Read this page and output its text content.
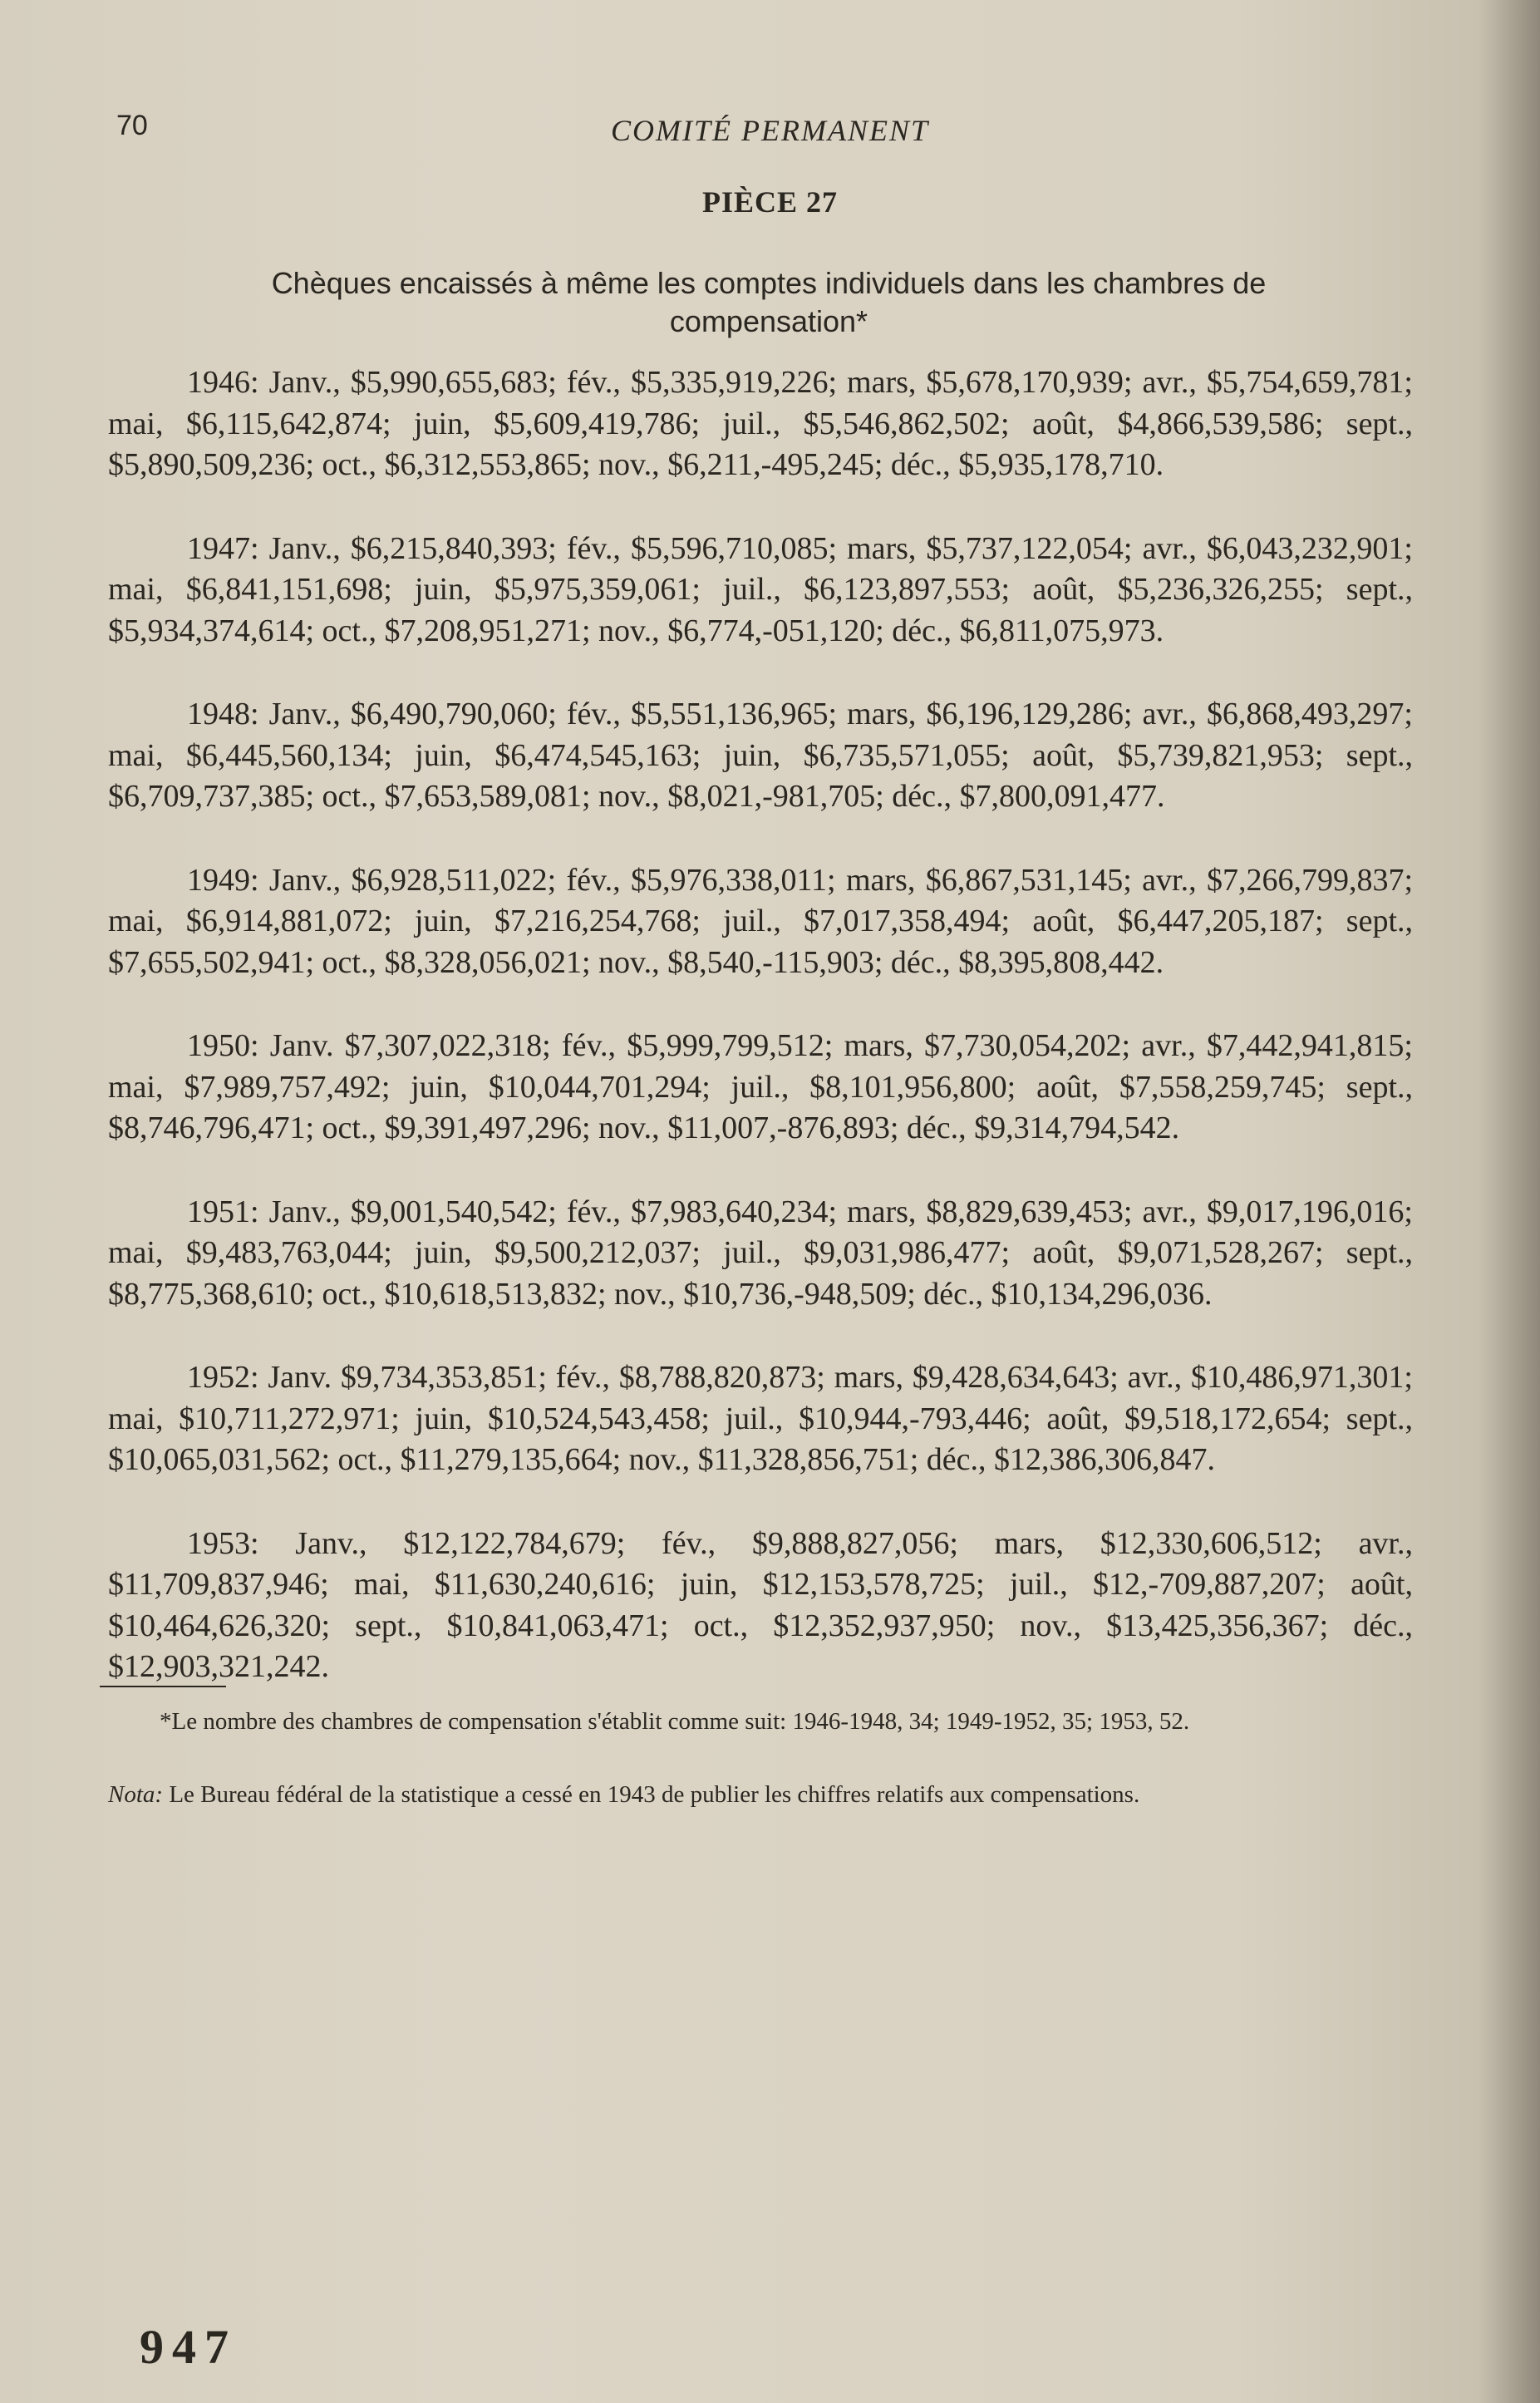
70	COMITÉ PERMANENT
PIÈCE 27
Chèques encaissés à même les comptes individuels dans les chambres de compensation*

1946: Janv., $5,990,655,683; fév., $5,335,919,226; mars, $5,678,170,939; avr., $5,754,659,781; mai, $6,115,642,874; juin, $5,609,419,786; juil., $5,546,862,502; août, $4,866,539,586; sept., $5,890,509,236; oct., $6,312,553,865; nov., $6,211,-495,245; déc., $5,935,178,710.

1947: Janv., $6,215,840,393; fév., $5,596,710,085; mars, $5,737,122,054; avr., $6,043,232,901; mai, $6,841,151,698; juin, $5,975,359,061; juil., $6,123,897,553; août, $5,236,326,255; sept., $5,934,374,614; oct., $7,208,951,271; nov., $6,774,-051,120; déc., $6,811,075,973.

1948: Janv., $6,490,790,060; fév., $5,551,136,965; mars, $6,196,129,286; avr., $6,868,493,297; mai, $6,445,560,134; juin, $6,474,545,163; juin, $6,735,571,055; août, $5,739,821,953; sept., $6,709,737,385; oct., $7,653,589,081; nov., $8,021,-981,705; déc., $7,800,091,477.

1949: Janv., $6,928,511,022; fév., $5,976,338,011; mars, $6,867,531,145; avr., $7,266,799,837; mai, $6,914,881,072; juin, $7,216,254,768; juil., $7,017,358,494; août, $6,447,205,187; sept., $7,655,502,941; oct., $8,328,056,021; nov., $8,540,-115,903; déc., $8,395,808,442.

1950: Janv. $7,307,022,318; fév., $5,999,799,512; mars, $7,730,054,202; avr., $7,442,941,815; mai, $7,989,757,492; juin, $10,044,701,294; juil., $8,101,956,800; août, $7,558,259,745; sept., $8,746,796,471; oct., $9,391,497,296; nov., $11,007,-876,893; déc., $9,314,794,542.

1951: Janv., $9,001,540,542; fév., $7,983,640,234; mars, $8,829,639,453; avr., $9,017,196,016; mai, $9,483,763,044; juin, $9,500,212,037; juil., $9,031,986,477; août, $9,071,528,267; sept., $8,775,368,610; oct., $10,618,513,832; nov., $10,736,-948,509; déc., $10,134,296,036.

1952: Janv. $9,734,353,851; fév., $8,788,820,873; mars, $9,428,634,643; avr., $10,486,971,301; mai, $10,711,272,971; juin, $10,524,543,458; juil., $10,944,-793,446; août, $9,518,172,654; sept., $10,065,031,562; oct., $11,279,135,664; nov., $11,328,856,751; déc., $12,386,306,847.

1953: Janv., $12,122,784,679; fév., $9,888,827,056; mars, $12,330,606,512; avr., $11,709,837,946; mai, $11,630,240,616; juin, $12,153,578,725; juil., $12,-709,887,207; août, $10,464,626,320; sept., $10,841,063,471; oct., $12,352,937,950; nov., $13,425,356,367; déc., $12,903,321,242.

*Le nombre des chambres de compensation s'établit comme suit: 1946-1948, 34; 1949-1952, 35; 1953, 52.
Nota: Le Bureau fédéral de la statistique a cessé en 1943 de publier les chiffres relatifs aux compensations.
947
